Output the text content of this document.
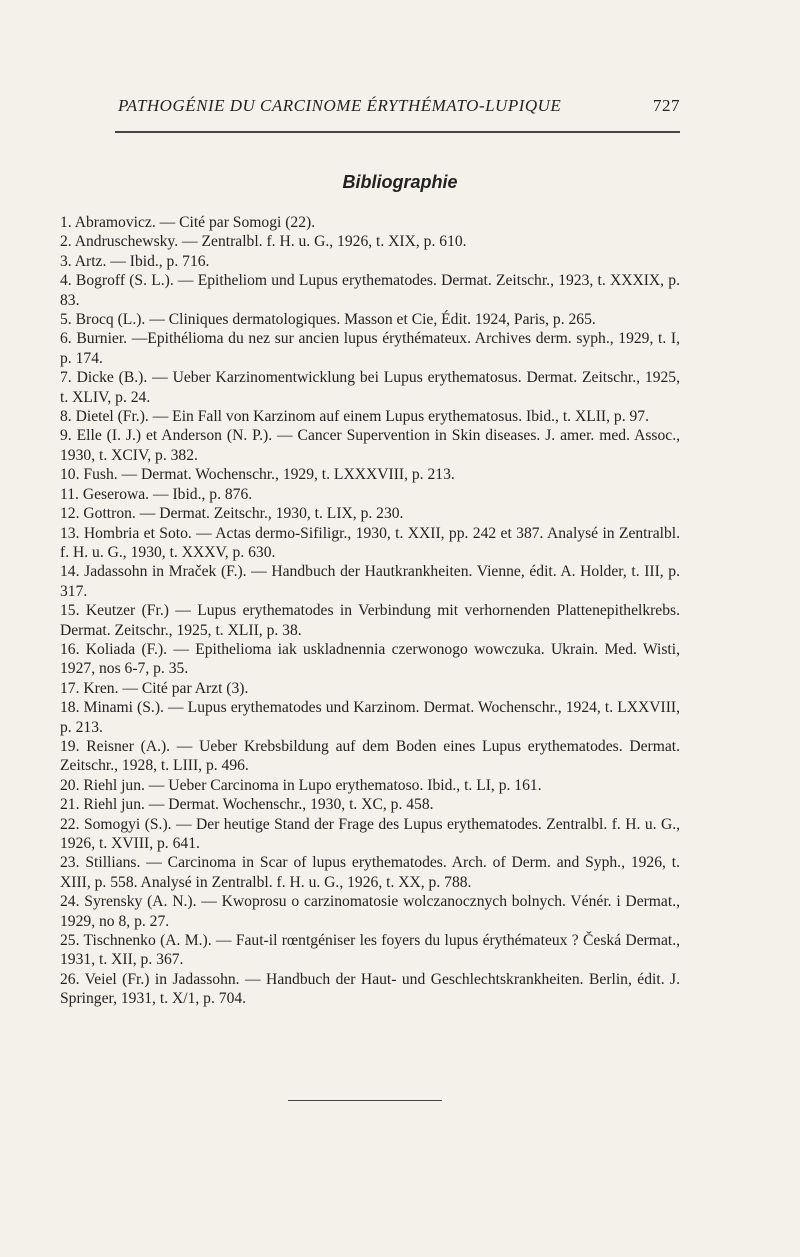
PATHOGÉNIE DU CARCINOME ÉRYTHÉMATO-LUPIQUE	727
Bibliographie

1. Abramovicz. — Cité par Somogi (22).

2. Andruschewsky. — Zentralbl. f. H. u. G., 1926, t. XIX, p. 610.

3. Artz. — Ibid., p. 716.

4. Bogroff (S. L.). — Epitheliom und Lupus erythematodes. Dermat. Zeitschr., 1923, t. XXXIX, p. 83.

5. Brocq (L.). — Cliniques dermatologiques. Masson et Cie, Édit. 1924, Paris, p. 265.

6. Burnier. —Epithélioma du nez sur ancien lupus érythémateux. Archives derm. syph., 1929, t. I, p. 174.

7. Dicke (B.). — Ueber Karzinomentwicklung bei Lupus erythematosus. Dermat. Zeitschr., 1925, t. XLIV, p. 24.

8. Dietel (Fr.). — Ein Fall von Karzinom auf einem Lupus erythematosus. Ibid., t. XLII, p. 97.

9. Elle (I. J.) et Anderson (N. P.). — Cancer Supervention in Skin diseases. J. amer. med. Assoc., 1930, t. XCIV, p. 382.

10. Fush. — Dermat. Wochenschr., 1929, t. LXXXVIII, p. 213.

11. Geserowa. — Ibid., p. 876.

12. Gottron. — Dermat. Zeitschr., 1930, t. LIX, p. 230.

13. Hombria et Soto. — Actas dermo-Sifiligr., 1930, t. XXII, pp. 242 et 387. Analysé in Zentralbl. f. H. u. G., 1930, t. XXXV, p. 630.

14. Jadassohn in Mraček (F.). — Handbuch der Hautkrankheiten. Vienne, édit. A. Holder, t. III, p. 317.

15. Keutzer (Fr.) — Lupus erythematodes in Verbindung mit verhornenden Plattenepithelkrebs. Dermat. Zeitschr., 1925, t. XLII, p. 38.

16. Koliada (F.). — Epithelioma iak uskladnennia czerwonogo wowczuka. Ukrain. Med. Wisti, 1927, nos 6-7, p. 35.

17. Kren. — Cité par Arzt (3).

18. Minami (S.). — Lupus erythematodes und Karzinom. Dermat. Wochenschr., 1924, t. LXXVIII, p. 213.

19. Reisner (A.). — Ueber Krebsbildung auf dem Boden eines Lupus erythematodes. Dermat. Zeitschr., 1928, t. LIII, p. 496.

20. Riehl jun. — Ueber Carcinoma in Lupo erythematoso. Ibid., t. LI, p. 161.

21. Riehl jun. — Dermat. Wochenschr., 1930, t. XC, p. 458.

22. Somogyi (S.). — Der heutige Stand der Frage des Lupus erythematodes. Zentralbl. f. H. u. G., 1926, t. XVIII, p. 641.

23. Stillians. — Carcinoma in Scar of lupus erythematodes. Arch. of Derm. and Syph., 1926, t. XIII, p. 558. Analysé in Zentralbl. f. H. u. G., 1926, t. XX, p. 788.

24. Syrensky (A. N.). — Kwoprosu o carzinomatosie wolczanocznych bolnych. Vénér. i Dermat., 1929, no 8, p. 27.

25. Tischnenko (A. M.). — Faut-il rœntgéniser les foyers du lupus érythémateux ? Česká Dermat., 1931, t. XII, p. 367.

26. Veiel (Fr.) in Jadassohn. — Handbuch der Haut- und Geschlechtskrankheiten. Berlin, édit. J. Springer, 1931, t. X/1, p. 704.
